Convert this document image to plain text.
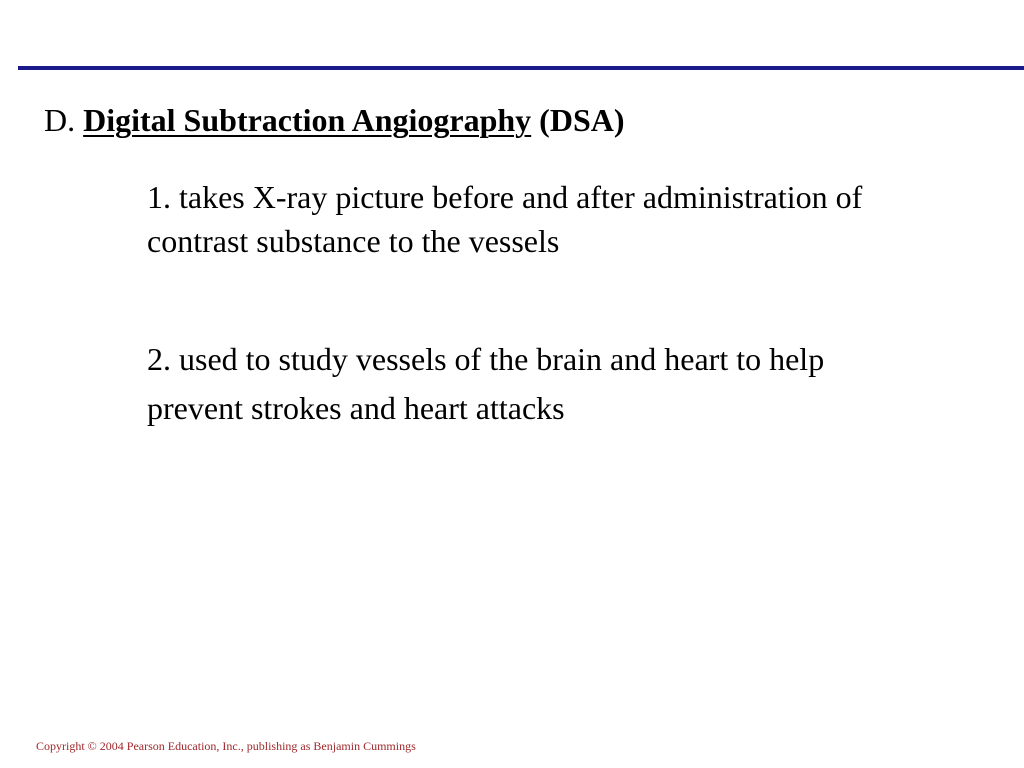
D. Digital Subtraction Angiography (DSA)
1. takes X-ray picture before and after administration of contrast substance to the vessels
2. used to study vessels of the brain and heart to help prevent strokes and heart attacks
Copyright © 2004 Pearson Education, Inc., publishing as Benjamin Cummings
